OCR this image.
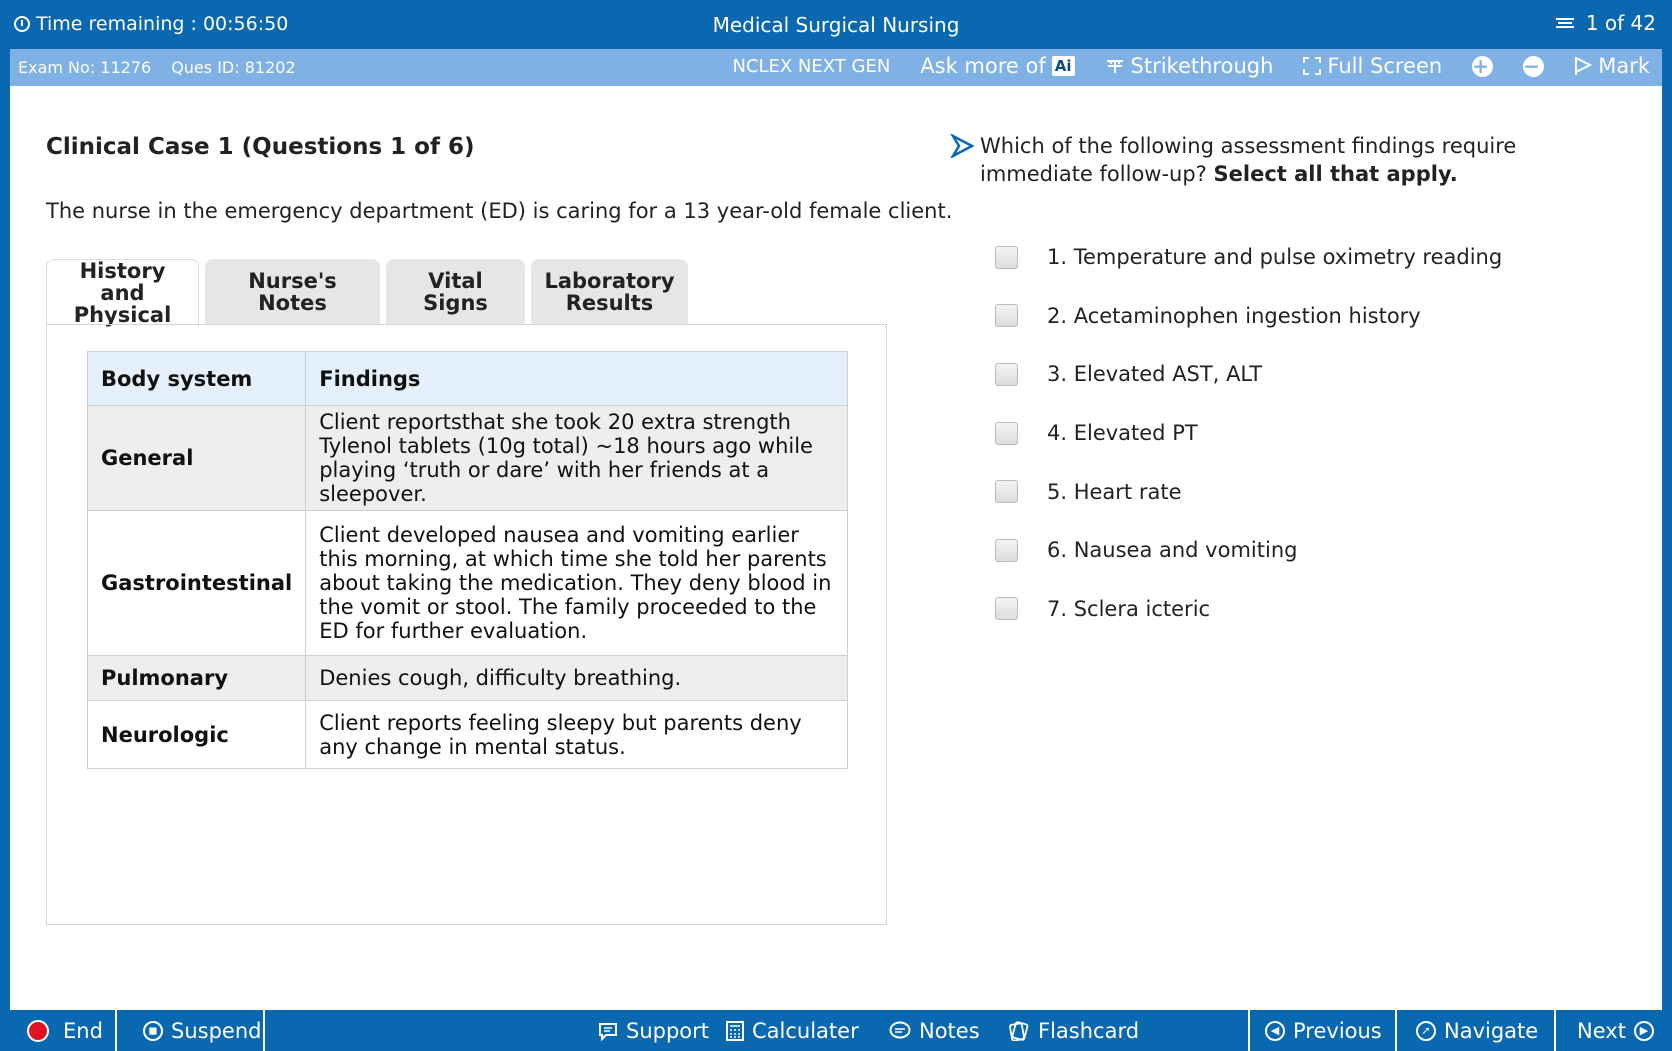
Time remaining : 00:56:50	Medical Surgical Nursing	1 of 42
Exam No: 11276 Ques ID: 81202	NCLEX NEXT GEN Ask more of Ai	Strikethrough	Full Screen + −	Mark
Clinical Case 1 (Questions 1 of 6)
The nurse in the emergency department (ED) is caring for a 13 year-old female client.
History and Physical
Nurse's Notes
Vital Signs
Laboratory Results
Body system	Findings
General	Client reportsthat she took 20 extra strength Tylenol tablets (10g total) ~18 hours ago while playing ‘truth or dare’ with her friends at a sleepover.
Gastrointestinal	Client developed nausea and vomiting earlier this morning, at which time she told her parents about taking the medication. They deny blood in the vomit or stool. The family proceeded to the ED for further evaluation.
Pulmonary	Denies cough, difficulty breathing.
Neurologic	Client reports feeling sleepy but parents deny any change in mental status.
Which of the following assessment findings require immediate follow-up? Select all that apply.
1. Temperature and pulse oximetry reading
2. Acetaminophen ingestion history
3. Elevated AST, ALT
4. Elevated PT
5. Heart rate
6. Nausea and vomiting
7. Sclera icteric
End	◼ Suspend	Support Calculater	Notes	Flashcard	◀ Previous	➚ Navigate Next	▶
